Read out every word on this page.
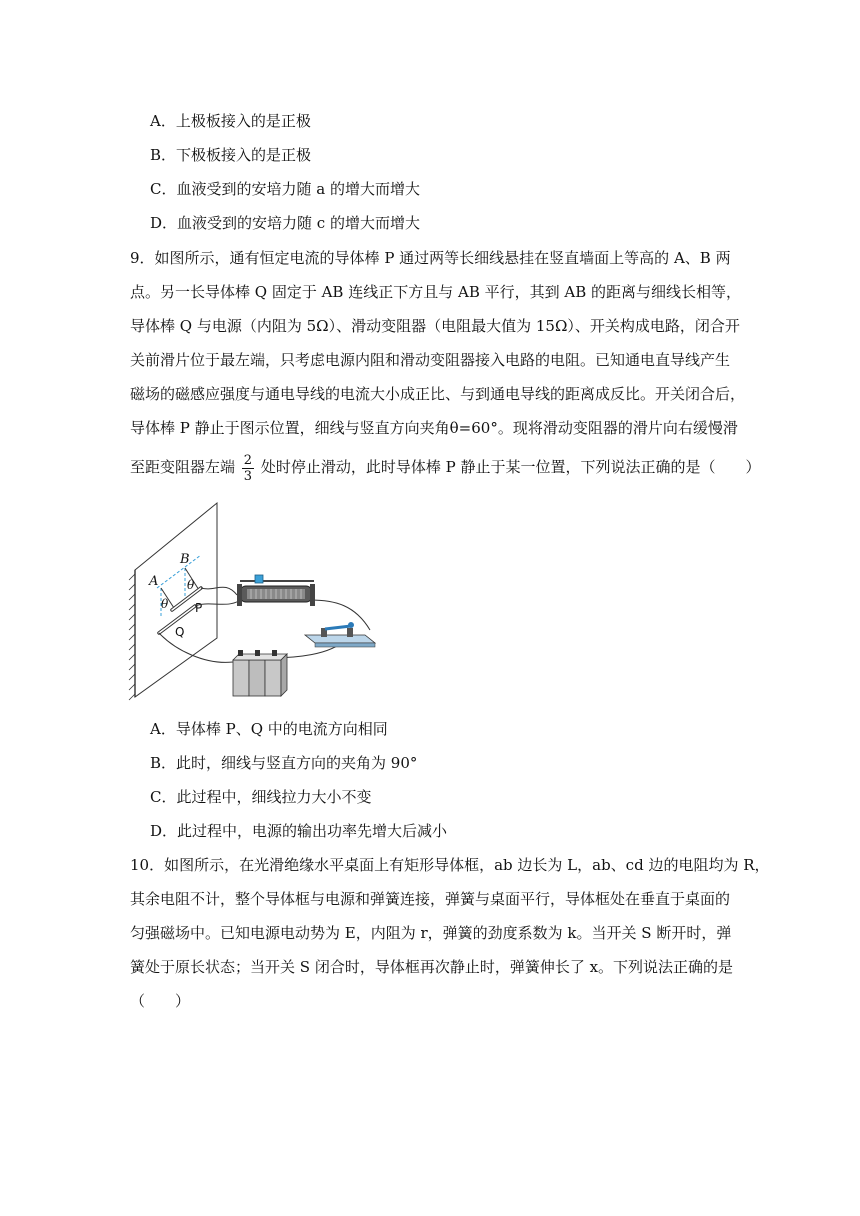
A．上极板接入的是正极
B．下极板接入的是正极
C．血液受到的安培力随 a 的增大而增大
D．血液受到的安培力随 c 的增大而增大
9．如图所示，通有恒定电流的导体棒 P 通过两等长细线悬挂在竖直墙面上等高的 A、B 两
点。另一长导体棒 Q 固定于 AB 连线正下方且与 AB 平行，其到 AB 的距离与细线长相等，
导体棒 Q 与电源（内阻为 5Ω）、滑动变阻器（电阻最大值为 15Ω）、开关构成电路，闭合开
关前滑片位于最左端，只考虑电源内阻和滑动变阻器接入电路的电阻。已知通电直导线产生
磁场的磁感应强度与通电导线的电流大小成正比、与到通电导线的距离成反比。开关闭合后，
导体棒 P 静止于图示位置，细线与竖直方向夹角θ=60°。现将滑动变阻器的滑片向右缓慢滑
至距变阻器左端 $\frac{2}{3}$ 处时停止滑动，此时导体棒 P 静止于某一位置，下列说法正确的是（　　）
A
B
θ
θ
P
Q
A．导体棒 P、Q 中的电流方向相同
B．此时，细线与竖直方向的夹角为 90°
C．此过程中，细线拉力大小不变
D．此过程中，电源的输出功率先增大后减小
10．如图所示，在光滑绝缘水平桌面上有矩形导体框，ab 边长为 L，ab、cd 边的电阻均为 R，
其余电阻不计，整个导体框与电源和弹簧连接，弹簧与桌面平行，导体框处在垂直于桌面的
匀强磁场中。已知电源电动势为 E，内阻为 r，弹簧的劲度系数为 k。当开关 S 断开时，弹
簧处于原长状态；当开关 S 闭合时，导体框再次静止时，弹簧伸长了 x。下列说法正确的是
（　　）
